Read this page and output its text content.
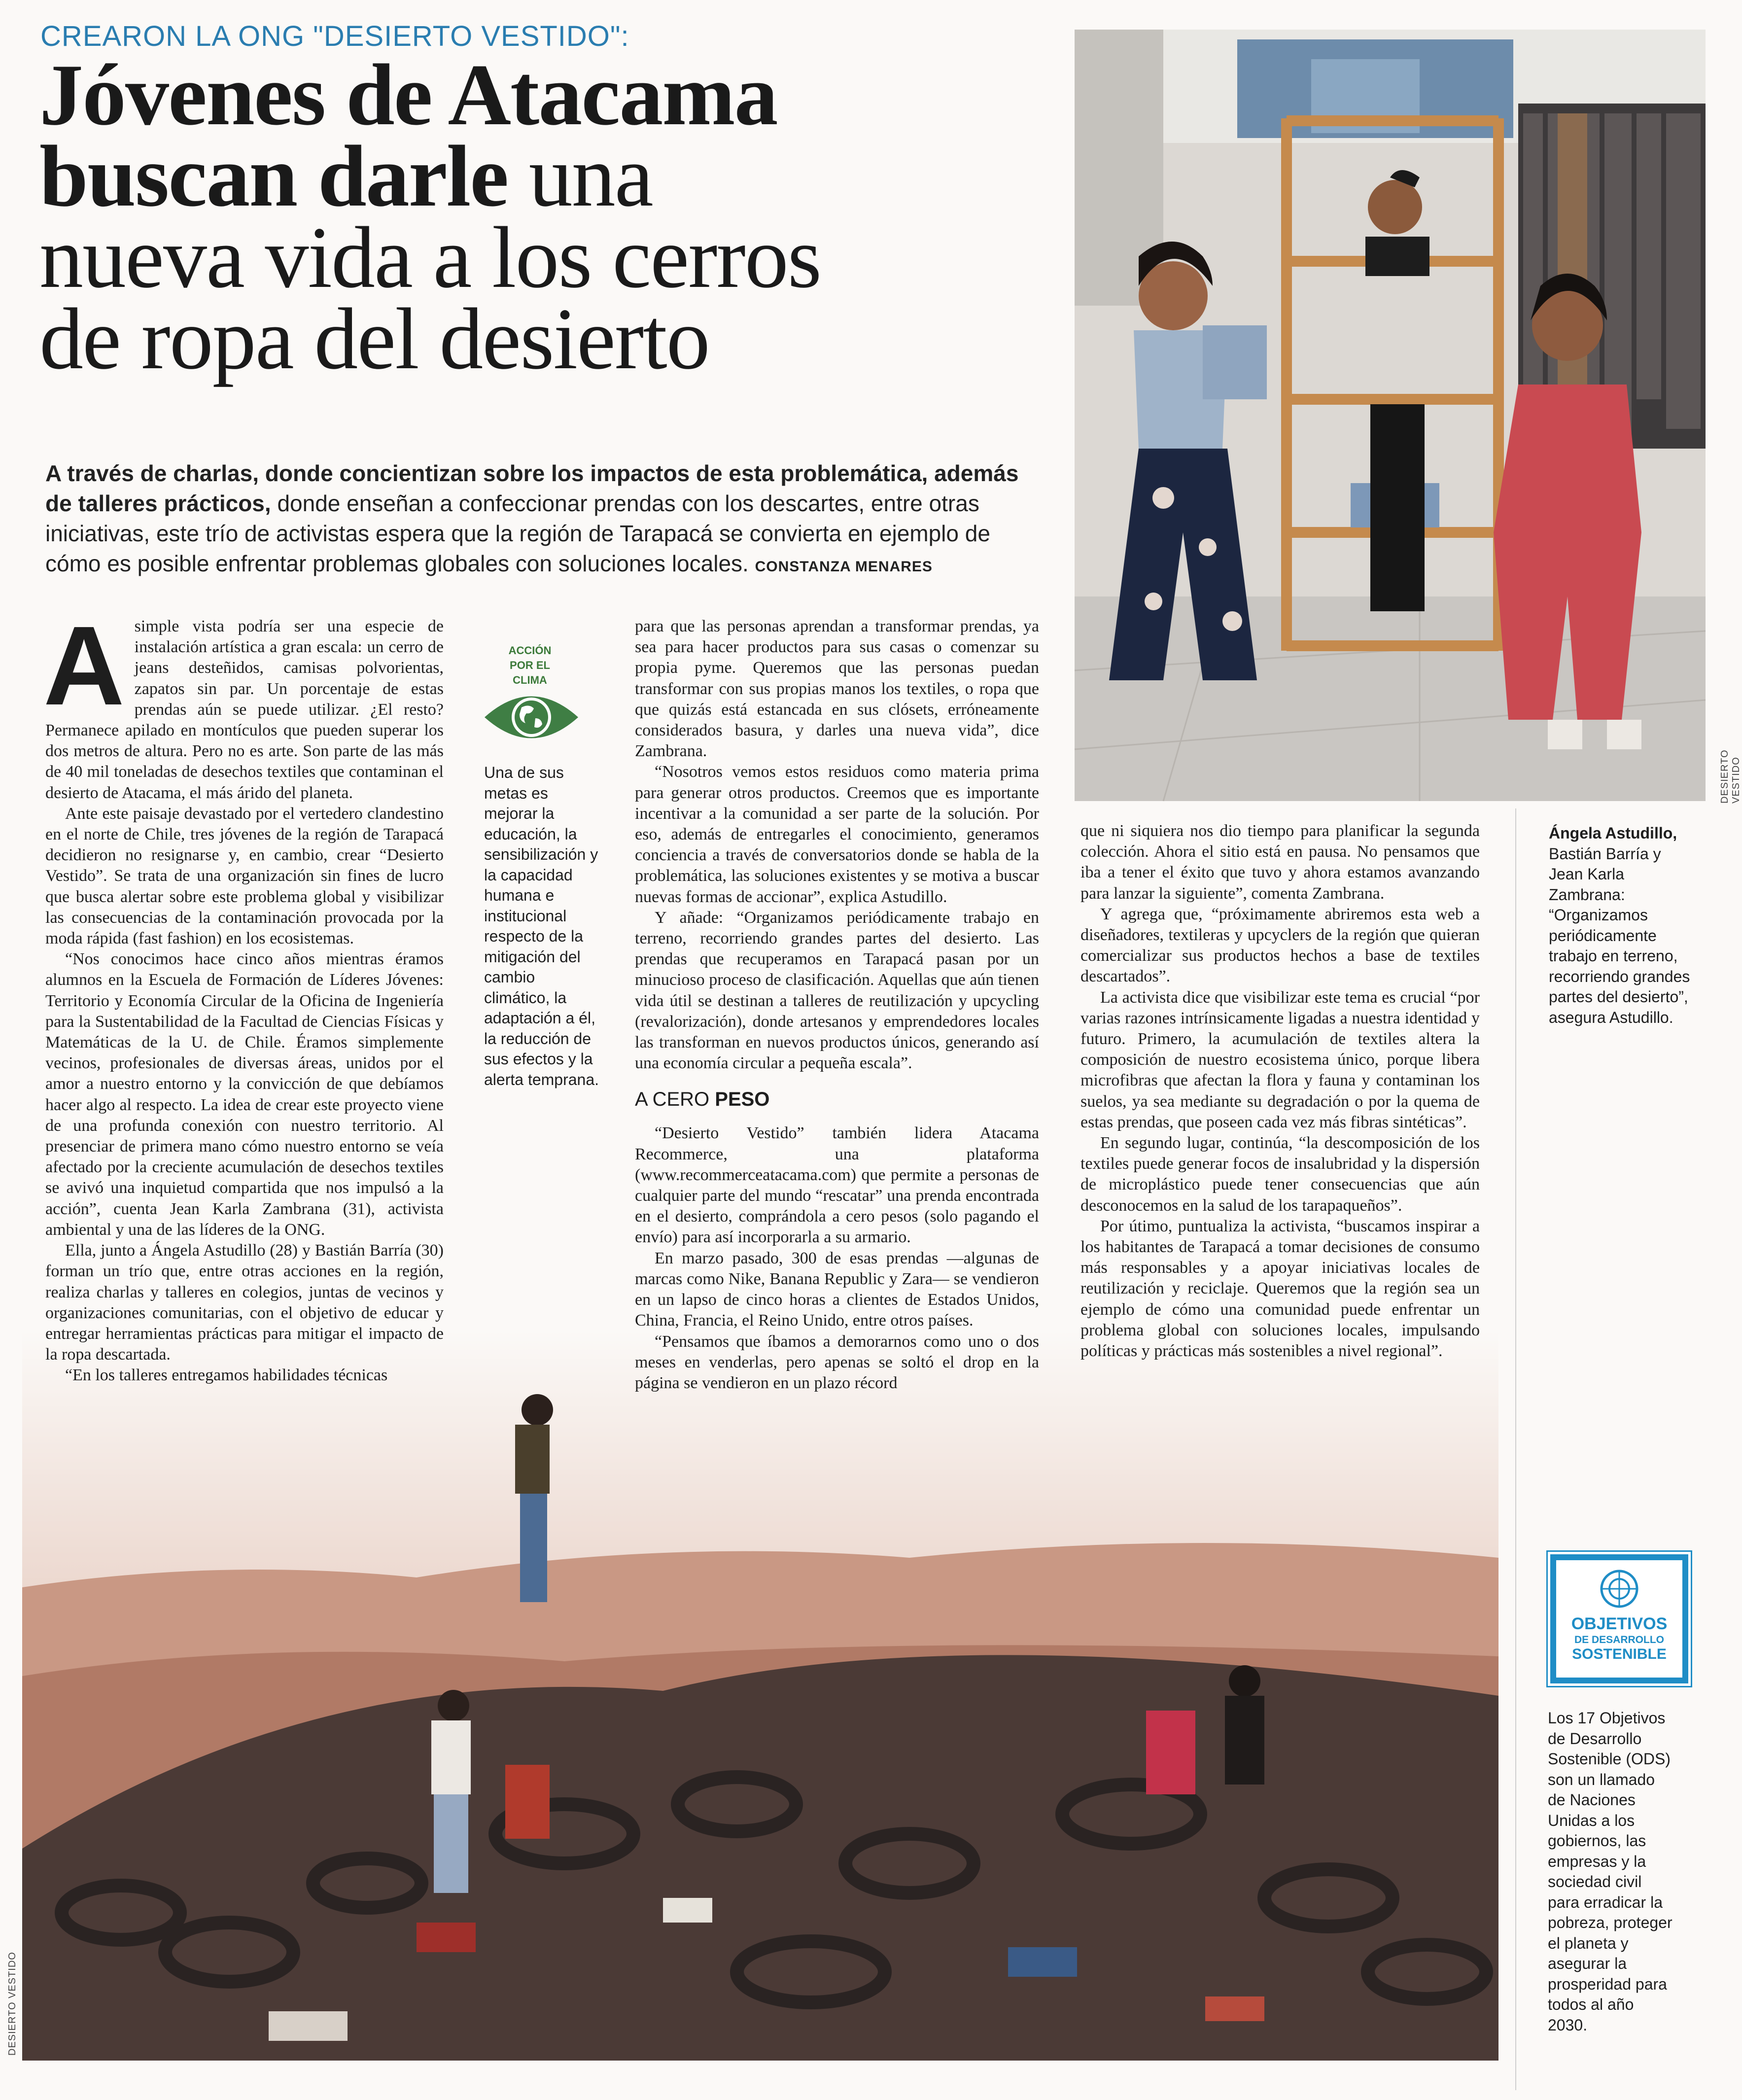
CREARON LA ONG "DESIERTO VESTIDO":
Jóvenes de Atacama
buscan darle una
nueva vida a los cerros
de ropa del desierto
A través de charlas, donde concientizan sobre los impactos de esta problemática, además de talleres prácticos, donde enseñan a confeccionar prendas con los descartes, entre otras iniciativas, este trío de activistas espera que la región de Tarapacá se convierta en ejemplo de cómo es posible enfrentar problemas globales con soluciones locales. CONSTANZA MENARES
DESIERTO VESTIDO
DESIERTO VESTIDO

A simple vista podría ser una especie de instalación artística a gran escala: un cerro de jeans desteñidos, camisas polvorientas, zapatos sin par. Un porcentaje de estas prendas aún se puede utilizar. ¿El resto? Permanece apilado en montículos que pueden superar los dos metros de altura. Pero no es arte. Son parte de las más de 40 mil toneladas de desechos textiles que contaminan el desierto de Atacama, el más árido del planeta.

Ante este paisaje devastado por el vertedero clandestino en el norte de Chile, tres jóvenes de la región de Tarapacá decidieron no resignarse y, en cambio, crear “Desierto Vestido”. Se trata de una organización sin fines de lucro que busca alertar sobre este problema global y visibilizar las consecuencias de la contaminación provocada por la moda rápida (fast fashion) en los ecosistemas.

“Nos conocimos hace cinco años mientras éramos alumnos en la Escuela de Formación de Líderes Jóvenes: Territorio y Economía Circular de la Oficina de Ingeniería para la Sustentabilidad de la Facultad de Ciencias Físicas y Matemáticas de la U. de Chile. Éramos simplemente vecinos, profesionales de diversas áreas, unidos por el amor a nuestro entorno y la convicción de que debíamos hacer algo al respecto. La idea de crear este proyecto viene de una profunda conexión con nuestro territorio. Al presenciar de primera mano cómo nuestro entorno se veía afectado por la creciente acumulación de desechos textiles se avivó una inquietud compartida que nos impulsó a la acción”, cuenta Jean Karla Zambrana (31), activista ambiental y una de las líderes de la ONG.

Ella, junto a Ángela Astudillo (28) y Bastián Barría (30) forman un trío que, entre otras acciones en la región, realiza charlas y talleres en colegios, juntas de vecinos y organizaciones comunitarias, con el objetivo de educar y entregar herramientas prácticas para mitigar el impacto de la ropa descartada.

“En los talleres entregamos habilidades técnicas

ACCIÓN
POR EL CLIMA
Una de sus metas es mejorar la educación, la sensibilización y la capacidad humana e institucional respecto de la mitigación del cambio climático, la adaptación a él, la reducción de sus efectos y la alerta temprana.

para que las personas aprendan a transformar prendas, ya sea para hacer productos para sus casas o comenzar su propia pyme. Queremos que las personas puedan transformar con sus propias manos los textiles, o ropa que que quizás está estancada en sus clósets, erróneamente considerados basura, y darles una nueva vida”, dice Zambrana.

“Nosotros vemos estos residuos como materia prima para generar otros productos. Creemos que es importante incentivar a la comunidad a ser parte de la solución. Por eso, además de entregarles el conocimiento, generamos conciencia a través de conversatorios donde se habla de la problemática, las soluciones existentes y se motiva a buscar nuevas formas de accionar”, explica Astudillo.

Y añade: “Organizamos periódicamente trabajo en terreno, recorriendo grandes partes del desierto. Las prendas que recuperamos en Tarapacá pasan por un minucioso proceso de clasificación. Aquellas que aún tienen vida útil se destinan a talleres de reutilización y upcycling (revalorización), donde artesanos y emprendedores locales las transforman en nuevos productos únicos, generando así una economía circular a pequeña escala”.

A CERO PESO

“Desierto Vestido” también lidera Atacama Recommerce, una plataforma (www.recommerceatacama.com) que permite a personas de cualquier parte del mundo “rescatar” una prenda encontrada en el desierto, comprándola a cero pesos (solo pagando el envío) para así incorporarla a su armario.

En marzo pasado, 300 de esas prendas —algunas de marcas como Nike, Banana Republic y Zara— se vendieron en un lapso de cinco horas a clientes de Estados Unidos, China, Francia, el Reino Unido, entre otros países.

“Pensamos que íbamos a demorarnos como uno o dos meses en venderlas, pero apenas se soltó el drop en la página se vendieron en un plazo récord

que ni siquiera nos dio tiempo para planificar la segunda colección. Ahora el sitio está en pausa. No pensamos que iba a tener el éxito que tuvo y ahora estamos avanzando para lanzar la siguiente”, comenta Zambrana.

Y agrega que, “próximamente abriremos esta web a diseñadores, textileras y upcyclers de la región que quieran comercializar sus productos hechos a base de textiles descartados”.

La activista dice que visibilizar este tema es crucial “por varias razones intrínsicamente ligadas a nuestra identidad y futuro. Primero, la acumulación de textiles altera la composición de nuestro ecosistema único, porque libera microfibras que afectan la flora y fauna y contaminan los suelos, ya sea mediante su degradación o por la quema de estas prendas, que poseen cada vez más fibras sintéticas”.

En segundo lugar, continúa, “la descomposición de los textiles puede generar focos de insalubridad y la dispersión de microplástico puede tener consecuencias que aún desconocemos en la salud de los tarapaqueños”.

Por útimo, puntualiza la activista, “buscamos inspirar a los habitantes de Tarapacá a tomar decisiones de consumo más responsables y a apoyar iniciativas locales de reutilización y reciclaje. Queremos que la región sea un ejemplo de cómo una comunidad puede enfrentar un problema global con soluciones locales, impulsando políticas y prácticas más sostenibles a nivel regional”.

Ángela Astudillo, Bastián Barría y Jean Karla Zambrana: “Organizamos periódicamente trabajo en terreno, recorriendo grandes partes del desierto”, asegura Astudillo.
OBJETIVOS
DE DESARROLLO
SOSTENIBLE
Los 17 Objetivos de Desarrollo Sostenible (ODS) son un llamado de Naciones Unidas a los gobiernos, las empresas y la sociedad civil para erradicar la pobreza, proteger el planeta y asegurar la prosperidad para todos al año 2030.
